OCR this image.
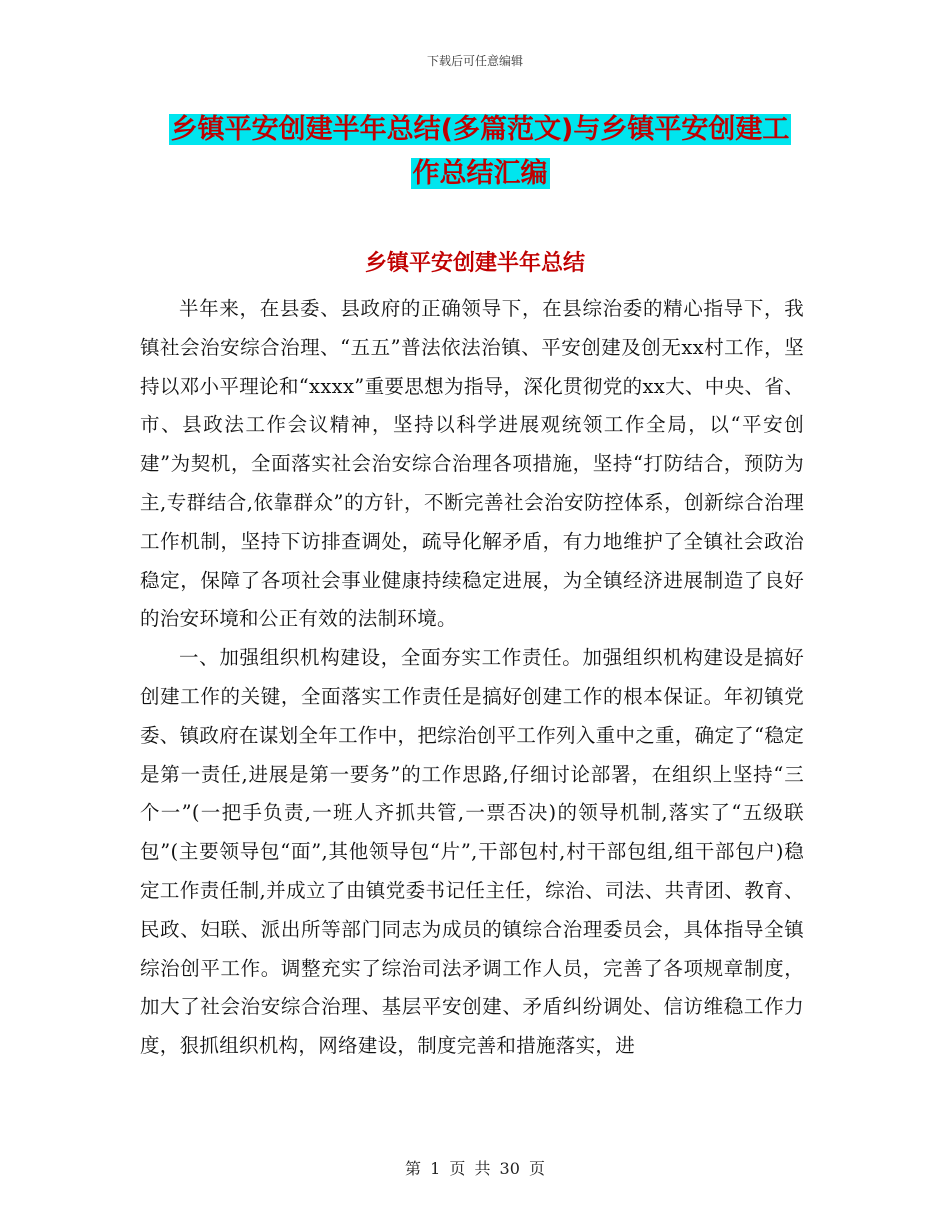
下载后可任意编辑
乡镇平安创建半年总结(多篇范文)与乡镇平安创建工
作总结汇编
乡镇平安创建半年总结

半年来，在县委、县政府的正确领导下，在县综治委的精心指导下，我镇社会治安综合治理、“五五”普法依法治镇、平安创建及创无xx村工作，坚持以邓小平理论和“xxxx”重要思想为指导，深化贯彻党的xx大、中央、省、市、县政法工作会议精神，坚持以科学进展观统领工作全局，以“平安创建”为契机，全面落实社会治安综合治理各项措施，坚持“打防结合，预防为主,专群结合,依靠群众”的方针，不断完善社会治安防控体系，创新综合治理工作机制，坚持下访排查调处，疏导化解矛盾，有力地维护了全镇社会政治稳定，保障了各项社会事业健康持续稳定进展，为全镇经济进展制造了良好的治安环境和公正有效的法制环境。

一、加强组织机构建设，全面夯实工作责任。加强组织机构建设是搞好创建工作的关键，全面落实工作责任是搞好创建工作的根本保证。年初镇党委、镇政府在谋划全年工作中，把综治创平工作列入重中之重，确定了“稳定是第一责任,进展是第一要务”的工作思路,仔细讨论部署，在组织上坚持“三个一”(一把手负责,一班人齐抓共管,一票否决)的领导机制,落实了“五级联包”(主要领导包“面”,其他领导包“片”,干部包村,村干部包组,组干部包户)稳定工作责任制,并成立了由镇党委书记任主任，综治、司法、共青团、教育、民政、妇联、派出所等部门同志为成员的镇综合治理委员会，具体指导全镇综治创平工作。调整充实了综治司法矛调工作人员，完善了各项规章制度，加大了社会治安综合治理、基层平安创建、矛盾纠纷调处、信访维稳工作力度，狠抓组织机构，网络建设，制度完善和措施落实，进

第 1 页 共 30 页
